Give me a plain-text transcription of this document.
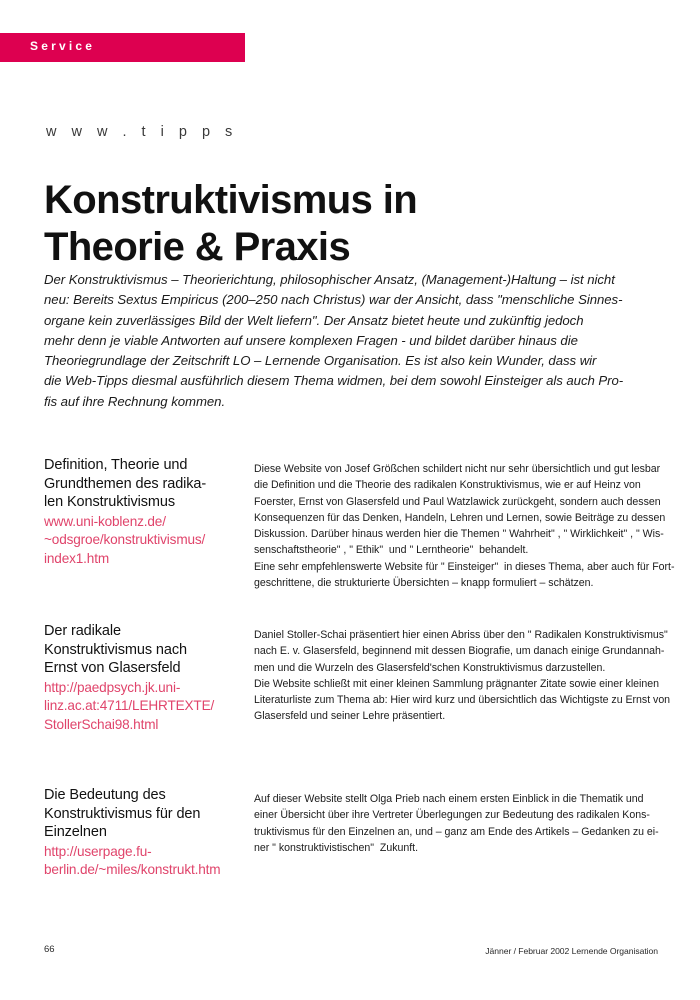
Service
w w w . t i p p s
Konstruktivismus in
Theorie & Praxis
Der Konstruktivismus – Theorierichtung, philosophischer Ansatz, (Management-)Haltung – ist nicht
neu: Bereits Sextus Empiricus (200–250 nach Christus) war der Ansicht, dass "menschliche Sinnes-
organe kein zuverlässiges Bild der Welt liefern". Der Ansatz bietet heute und zukünftig jedoch
mehr denn je viable Antworten auf unsere komplexen Fragen - und bildet darüber hinaus die
Theoriegrundlage der Zeitschrift LO – Lernende Organisation. Es ist also kein Wunder, dass wir
die Web-Tipps diesmal ausführlich diesem Thema widmen, bei dem sowohl Einsteiger als auch Pro-
fis auf ihre Rechnung kommen.
Definition, Theorie und
Grundthemen des radika-
len Konstruktivismus
www.uni-koblenz.de/
~odsgroe/konstruktivismus/
index1.htm

Diese Website von Josef Größchen schildert nicht nur sehr übersichtlich und gut lesbar
die Definition und die Theorie des radikalen Konstruktivismus, wie er auf Heinz von
Foerster, Ernst von Glasersfeld und Paul Watzlawick zurückgeht, sondern auch dessen
Konsequenzen für das Denken, Handeln, Lehren und Lernen, sowie Beiträge zu dessen
Diskussion. Darüber hinaus werden hier die Themen " Wahrheit" , " Wirklichkeit" , " Wis-
senschaftstheorie" , " Ethik"  und " Lerntheorie"  behandelt.

Eine sehr empfehlenswerte Website für " Einsteiger"  in dieses Thema, aber auch für Fort-
geschrittene, die strukturierte Übersichten – knapp formuliert – schätzen.

Der radikale
Konstruktivismus nach
Ernst von Glasersfeld
http://paedpsych.jk.uni-
linz.ac.at:4711/LEHRTEXTE/
StollerSchai98.html

Daniel Stoller-Schai präsentiert hier einen Abriss über den " Radikalen Konstruktivismus"
nach E. v. Glasersfeld, beginnend mit dessen Biografie, um danach einige Grundannah-
men und die Wurzeln des Glasersfeld'schen Konstruktivismus darzustellen.

Die Website schließt mit einer kleinen Sammlung prägnanter Zitate sowie einer kleinen
Literaturliste zum Thema ab: Hier wird kurz und übersichtlich das Wichtigste zu Ernst von
Glasersfeld und seiner Lehre präsentiert.

Die Bedeutung des
Konstruktivismus für den
Einzelnen
http://userpage.fu-
berlin.de/~miles/konstrukt.htm

Auf dieser Website stellt Olga Prieb nach einem ersten Einblick in die Thematik und
einer Übersicht über ihre Vertreter Überlegungen zur Bedeutung des radikalen Kons-
truktivismus für den Einzelnen an, und – ganz am Ende des Artikels – Gedanken zu ei-
ner " konstruktivistischen"  Zukunft.

66	Jänner / Februar 2002 Lernende Organisation
